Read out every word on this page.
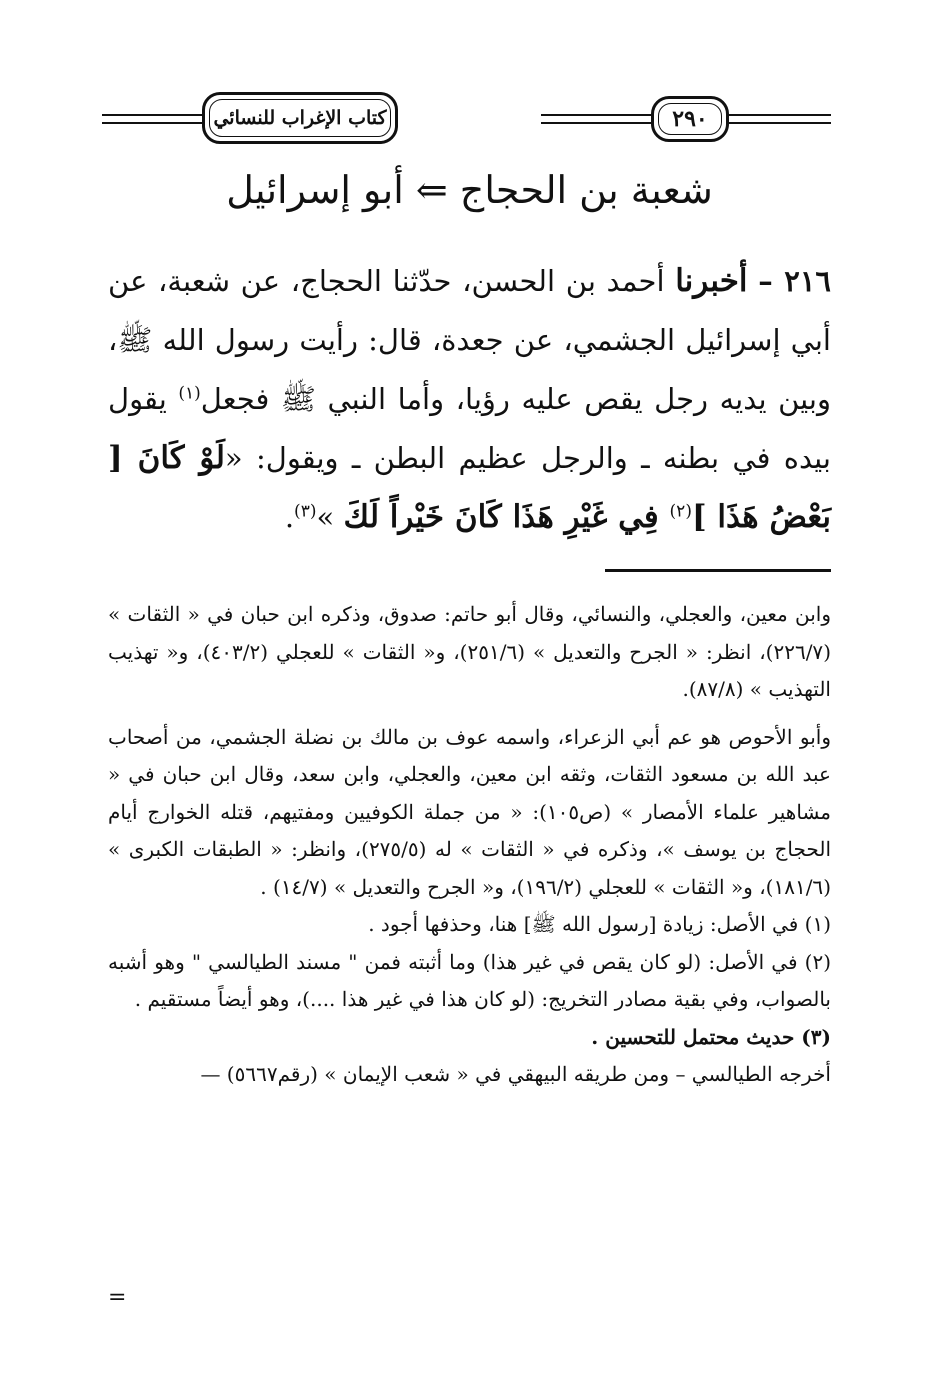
٢٩٠
كتاب الإغراب للنسائي
شعبة بن الحجاج ⇐ أبو إسرائيل
٢١٦ – أخبرنا أحمد بن الحسن، حدّثنا الحجاج، عن شعبة، عن أبي إسرائيل الجشمي، عن جعدة، قال: رأيت رسول الله ﷺ، وبين يديه رجل يقص عليه رؤيا، وأما النبي ﷺ فجعل$^{(١)}$ يقول بيده في بطنه ـ والرجل عظيم البطن ـ ويقول: «لَوْ كَانَ [ بَعْضُ هَذَا ]$^{(٢)}$ فِي غَيْرِ هَذَا كَانَ خَيْراً لَكَ »$^{(٣)}$.

وابن معين، والعجلي، والنسائي، وقال أبو حاتم: صدوق، وذكره ابن حبان في « الثقات » (٢٢٦/٧)، انظر: « الجرح والتعديل » (٢٥١/٦)، و« الثقات » للعجلي (٤٠٣/٢)، و« تهذيب التهذيب » (٨٧/٨).

وأبو الأحوص هو عم أبي الزعراء، واسمه عوف بن مالك بن نضلة الجشمي، من أصحاب عبد الله بن مسعود الثقات، وثقه ابن معين، والعجلي، وابن سعد، وقال ابن حبان في « مشاهير علماء الأمصار » (ص١٠٥): « من جملة الكوفيين ومفتيهم، قتله الخوارج أيام الحجاج بن يوسف »، وذكره في « الثقات » له (٢٧٥/٥)، وانظر: « الطبقات الكبرى » (١٨١/٦)، و« الثقات » للعجلي (١٩٦/٢)، و« الجرح والتعديل » (١٤/٧) .

(١) في الأصل: زيادة [رسول الله ﷺ] هنا، وحذفها أجود .

(٢) في الأصل: (لو كان يقص في غير هذا) وما أثبته فمن " مسند الطيالسي " وهو أشبه بالصواب، وفي بقية مصادر التخريج: (لو كان هذا في غير هذا ....)، وهو أيضاً مستقيم .

(٣) حديث محتمل للتحسين .

أخرجه الطيالسي – ومن طريقه البيهقي في « شعب الإيمان » (رقم٥٦٦٧) —

=
